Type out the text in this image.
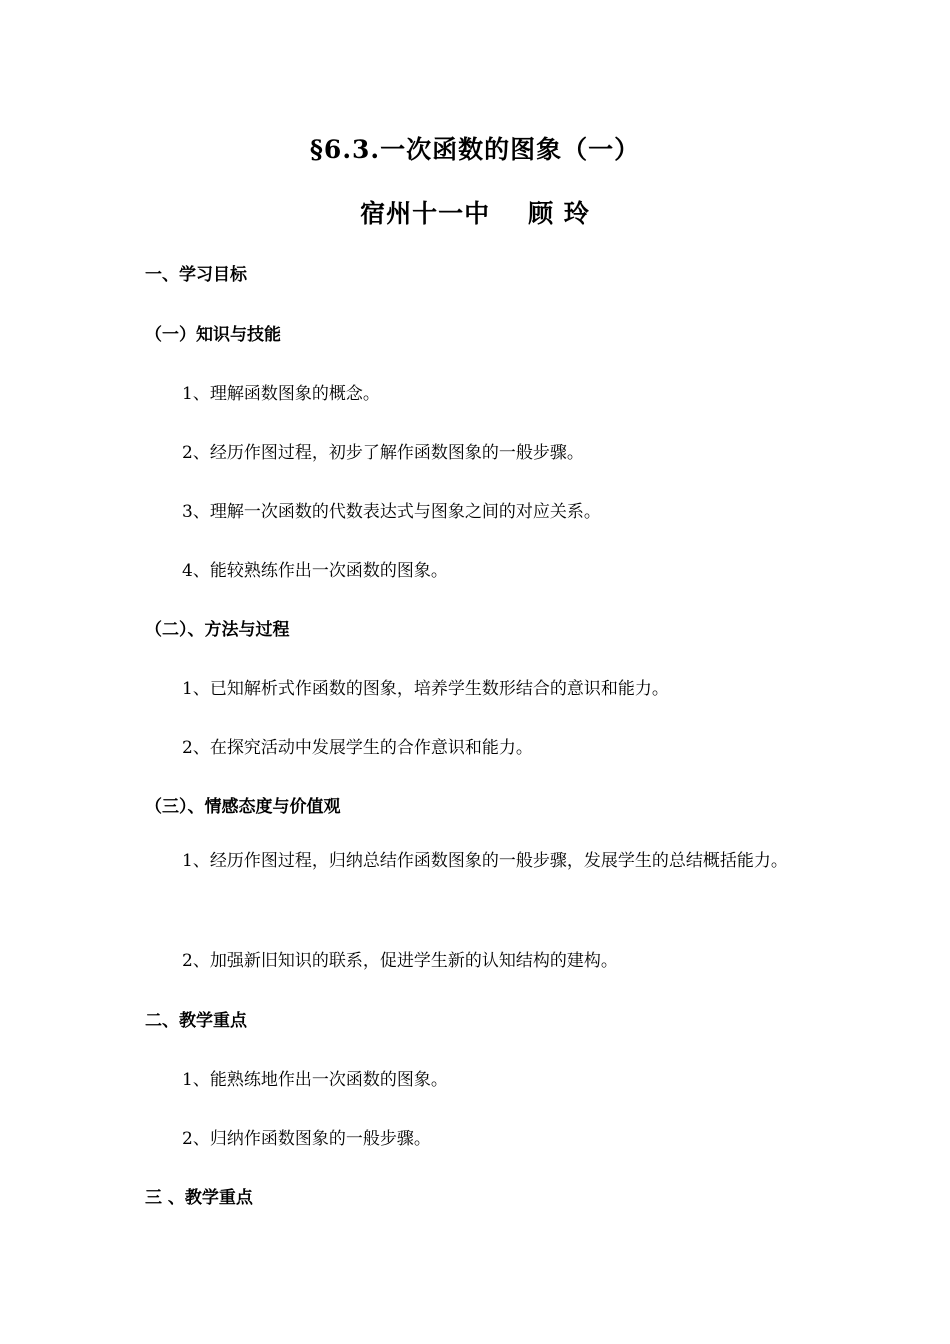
§6.3.一次函数的图象（一）
宿州十一中 顾 玲
一、学习目标
（一）知识与技能
1、理解函数图象的概念。
2、经历作图过程，初步了解作函数图象的一般步骤。
3、理解一次函数的代数表达式与图象之间的对应关系。
4、能较熟练作出一次函数的图象。
（二）、方法与过程
1、已知解析式作函数的图象，培养学生数形结合的意识和能力。
2、在探究活动中发展学生的合作意识和能力。
（三）、情感态度与价值观
1、经历作图过程，归纳总结作函数图象的一般步骤，发展学生的总结概括能力。
2、加强新旧知识的联系，促进学生新的认知结构的建构。
二、教学重点
1、能熟练地作出一次函数的图象。
2、归纳作函数图象的一般步骤。
三 、教学重点
